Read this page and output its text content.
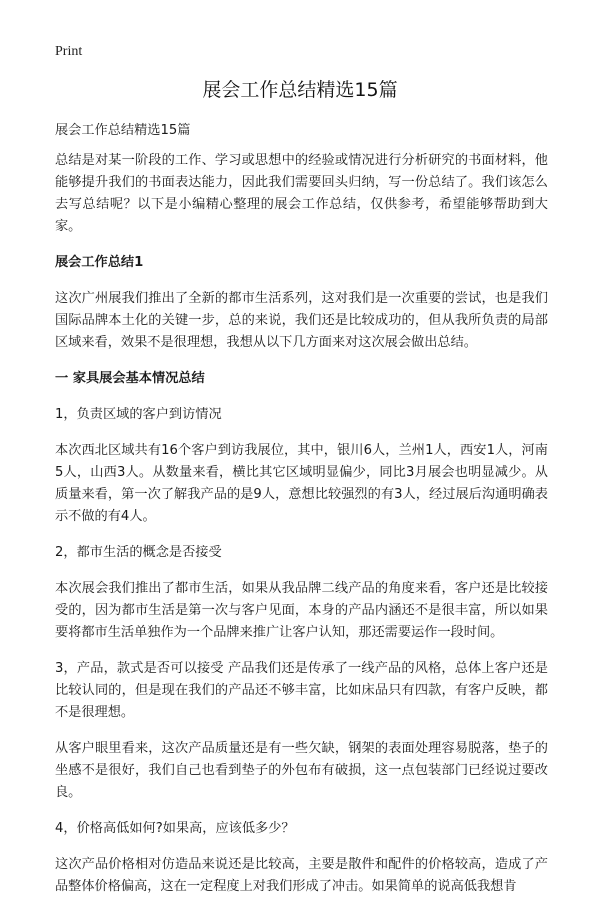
Print
展会工作总结精选15篇

展会工作总结精选15篇

总结是对某一阶段的工作、学习或思想中的经验或情况进行分析研究的书面材料，他能够提升我们的书面表达能力，因此我们需要回头归纳，写一份总结了。我们该怎么去写总结呢？以下是小编精心整理的展会工作总结，仅供参考，希望能够帮助到大家。

展会工作总结1

这次广州展我们推出了全新的都市生活系列，这对我们是一次重要的尝试，也是我们国际品牌本土化的关键一步，总的来说，我们还是比较成功的，但从我所负责的局部区域来看，效果不是很理想，我想从以下几方面来对这次展会做出总结。

一 家具展会基本情况总结

1，负责区域的客户到访情况

本次西北区域共有16个客户到访我展位，其中，银川6人，兰州1人，西安1人，河南5人，山西3人。从数量来看，横比其它区域明显偏少，同比3月展会也明显减少。从质量来看，第一次了解我产品的是9人，意想比较强烈的有3人，经过展后沟通明确表示不做的有4人。

2，都市生活的概念是否接受

本次展会我们推出了都市生活，如果从我品牌二线产品的角度来看，客户还是比较接受的，因为都市生活是第一次与客户见面，本身的产品内涵还不是很丰富，所以如果要将都市生活单独作为一个品牌来推广让客户认知，那还需要运作一段时间。

3，产品，款式是否可以接受 产品我们还是传承了一线产品的风格，总体上客户还是比较认同的，但是现在我们的产品还不够丰富，比如床品只有四款，有客户反映，都不是很理想。

从客户眼里看来，这次产品质量还是有一些欠缺，钢架的表面处理容易脱落，垫子的坐感不是很好，我们自己也看到垫子的外包布有破损，这一点包装部门已经说过要改良。

4，价格高低如何?如果高，应该低多少？

这次产品价格相对仿造品来说还是比较高，主要是散件和配件的价格较高，造成了产品整体价格偏高，这在一定程度上对我们形成了冲击。如果简单的说高低我想肯
